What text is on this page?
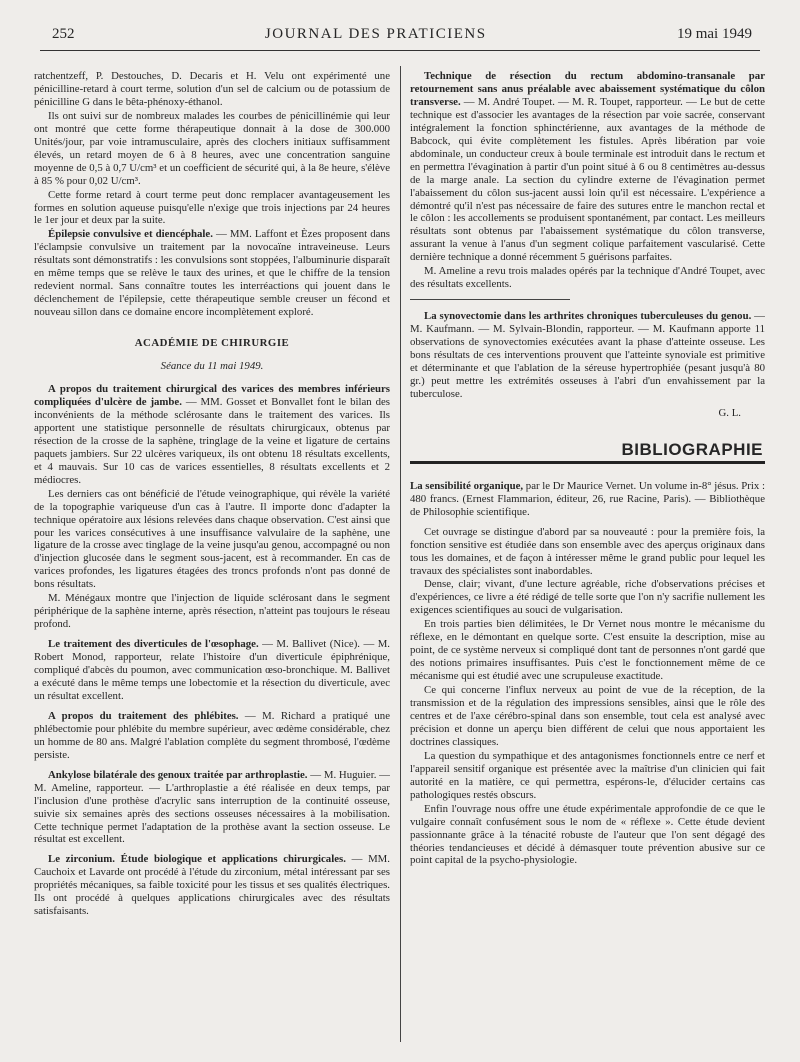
252	JOURNAL DES PRATICIENS	19 mai 1949

ratchentzeff, P. Destouches, D. Decaris et H. Velu ont expérimenté une pénicilline-retard à court terme, solution d'un sel de calcium ou de potassium de pénicilline G dans le bêta-phénoxy-éthanol.

Ils ont suivi sur de nombreux malades les courbes de pénicillinémie qui leur ont montré que cette forme thérapeutique donnait à la dose de 300.000 Unités/jour, par voie intramusculaire, après des clochers initiaux suffisamment élevés, un retard moyen de 6 à 8 heures, avec une concentration sanguine moyenne de 0,5 à 0,7 U/cm³ et un coefficient de sécurité qui, à la 8e heure, s'élève à 85 % pour 0,02 U/cm³.

Cette forme retard à court terme peut donc remplacer avantageusement les formes en solution aqueuse puisqu'elle n'exige que trois injections par 24 heures le 1er jour et deux par la suite.

Épilepsie convulsive et diencéphale. — MM. Laffont et Èzes proposent dans l'éclampsie convulsive un traitement par la novocaïne intraveineuse. Leurs résultats sont démonstratifs : les convulsions sont stoppées, l'albuminurie disparaît en même temps que se relève le taux des urines, et que le chiffre de la tension redevient normal. Sans connaître toutes les interréactions qui jouent dans le déclenchement de l'épilepsie, cette thérapeutique semble creuser un fécond et nouveau sillon dans ce domaine encore incomplètement exploré.

ACADÉMIE DE CHIRURGIE
Séance du 11 mai 1949.

A propos du traitement chirurgical des varices des membres inférieurs compliquées d'ulcère de jambe. — MM. Gosset et Bonvallet font le bilan des inconvénients de la méthode sclérosante dans le traitement des varices. Ils apportent une statistique personnelle de résultats chirurgicaux, obtenus par résection de la crosse de la saphène, tringlage de la veine et ligature de certains paquets jambiers. Sur 22 ulcères variqueux, ils ont obtenu 18 résultats excellents, et 4 mauvais. Sur 10 cas de varices essentielles, 8 résultats excellents et 2 médiocres.

Les derniers cas ont bénéficié de l'étude veinographique, qui révèle la variété de la topographie variqueuse d'un cas à l'autre. Il importe donc d'adapter la technique opératoire aux lésions relevées dans chaque observation. C'est ainsi que pour les varices consécutives à une insuffisance valvulaire de la saphène, une ligature de la crosse avec tinglage de la veine jusqu'au genou, accompagné ou non d'injection glucosée dans le segment sous-jacent, est à recommander. En cas de varices profondes, les ligatures étagées des troncs profonds n'ont pas donné de bons résultats.

M. Ménégaux montre que l'injection de liquide sclérosant dans le segment périphérique de la saphène interne, après résection, n'atteint pas toujours le réseau profond.

Le traitement des diverticules de l'œsophage. — M. Ballivet (Nice). — M. Robert Monod, rapporteur, relate l'histoire d'un diverticule épiphrénique, compliqué d'abcès du poumon, avec communication œso-bronchique. M. Ballivet a exécuté dans le même temps une lobectomie et la résection du diverticule, avec un résultat excellent.

A propos du traitement des phlébites. — M. Richard a pratiqué une phlébectomie pour phlébite du membre supérieur, avec œdème considérable, chez un homme de 80 ans. Malgré l'ablation complète du segment thrombosé, l'œdème persiste.

Ankylose bilatérale des genoux traitée par arthroplastie. — M. Huguier. — M. Ameline, rapporteur. — L'arthroplastie a été réalisée en deux temps, par l'inclusion d'une prothèse d'acrylic sans interruption de la continuité osseuse, suivie six semaines après des sections osseuses nécessaires à la mobilisation. Cette technique permet l'adaptation de la prothèse avant la section osseuse. Le résultat est excellent.

Le zirconium. Étude biologique et applications chirurgicales. — MM. Cauchoix et Lavarde ont procédé à l'étude du zirconium, métal intéressant par ses propriétés mécaniques, sa faible toxicité pour les tissus et ses qualités électriques. Ils ont procédé à quelques applications chirurgicales avec des résultats satisfaisants.

Technique de résection du rectum abdomino-transanale par retournement sans anus préalable avec abaissement systématique du côlon transverse. — M. André Toupet. — M. R. Toupet, rapporteur. — Le but de cette technique est d'associer les avantages de la résection par voie sacrée, conservant intégralement la fonction sphinctérienne, aux avantages de la méthode de Babcock, qui évite complètement les fistules. Après libération par voie abdominale, un conducteur creux à boule terminale est introduit dans le rectum et en permettra l'évagination à partir d'un point situé à 6 ou 8 centimètres au-dessus de la marge anale. La section du cylindre externe de l'évagination permet l'abaissement du côlon sus-jacent aussi loin qu'il est nécessaire. L'expérience a démontré qu'il n'est pas nécessaire de faire des sutures entre le manchon rectal et le côlon : les accollements se produisent spontanément, par contact. Les meilleurs résultats sont obtenus par l'abaissement systématique du côlon transverse, assurant la venue à l'anus d'un segment colique parfaitement vascularisé. Cette dernière technique a donné récemment 5 guérisons parfaites.

M. Ameline a revu trois malades opérés par la technique d'André Toupet, avec des résultats excellents.

La synovectomie dans les arthrites chroniques tuberculeuses du genou. — M. Kaufmann. — M. Sylvain-Blondin, rapporteur. — M. Kaufmann apporte 11 observations de synovectomies exécutées avant la phase d'atteinte osseuse. Les bons résultats de ces interventions prouvent que l'atteinte synoviale est primitive et déterminante et que l'ablation de la séreuse hypertrophiée (pesant jusqu'à 80 gr.) peut mettre les extrémités osseuses à l'abri d'un envahissement par la tuberculose.

G. L.

BIBLIOGRAPHIE

La sensibilité organique, par le Dr Maurice Vernet. Un volume in-8° jésus. Prix : 480 francs. (Ernest Flammarion, éditeur, 26, rue Racine, Paris). — Bibliothèque de Philosophie scientifique.

Cet ouvrage se distingue d'abord par sa nouveauté : pour la première fois, la fonction sensitive est étudiée dans son ensemble avec des aperçus originaux dans tous les domaines, et de façon à intéresser même le grand public pour lequel les travaux des spécialistes sont inabordables.

Dense, clair; vivant, d'une lecture agréable, riche d'observations précises et d'expériences, ce livre a été rédigé de telle sorte que l'on n'y sacrifie nullement les exigences scientifiques au souci de vulgarisation.

En trois parties bien délimitées, le Dr Vernet nous montre le mécanisme du réflexe, en le démontant en quelque sorte. C'est ensuite la description, mise au point, de ce système nerveux si compliqué dont tant de personnes n'ont gardé que des notions primaires insuffisantes. Puis c'est le fonctionnement même de ce mécanisme qui est étudié avec une scrupuleuse exactitude.

Ce qui concerne l'influx nerveux au point de vue de la réception, de la transmission et de la régulation des impressions sensibles, ainsi que le rôle des centres et de l'axe cérébro-spinal dans son ensemble, tout cela est analysé avec précision et donne un aperçu bien différent de celui que nous apportaient les doctrines classiques.

La question du sympathique et des antagonismes fonctionnels entre ce nerf et l'appareil sensitif organique est présentée avec la maîtrise d'un clinicien qui fait autorité en la matière, ce qui permettra, espérons-le, d'élucider certains cas pathologiques restés obscurs.

Enfin l'ouvrage nous offre une étude expérimentale approfondie de ce que le vulgaire connaît confusément sous le nom de « réflexe ». Cette étude devient passionnante grâce à la ténacité robuste de l'auteur que l'on sent dégagé des théories tendancieuses et décidé à démasquer toute prévention abusive sur ce point capital de la psycho-physiologie.
